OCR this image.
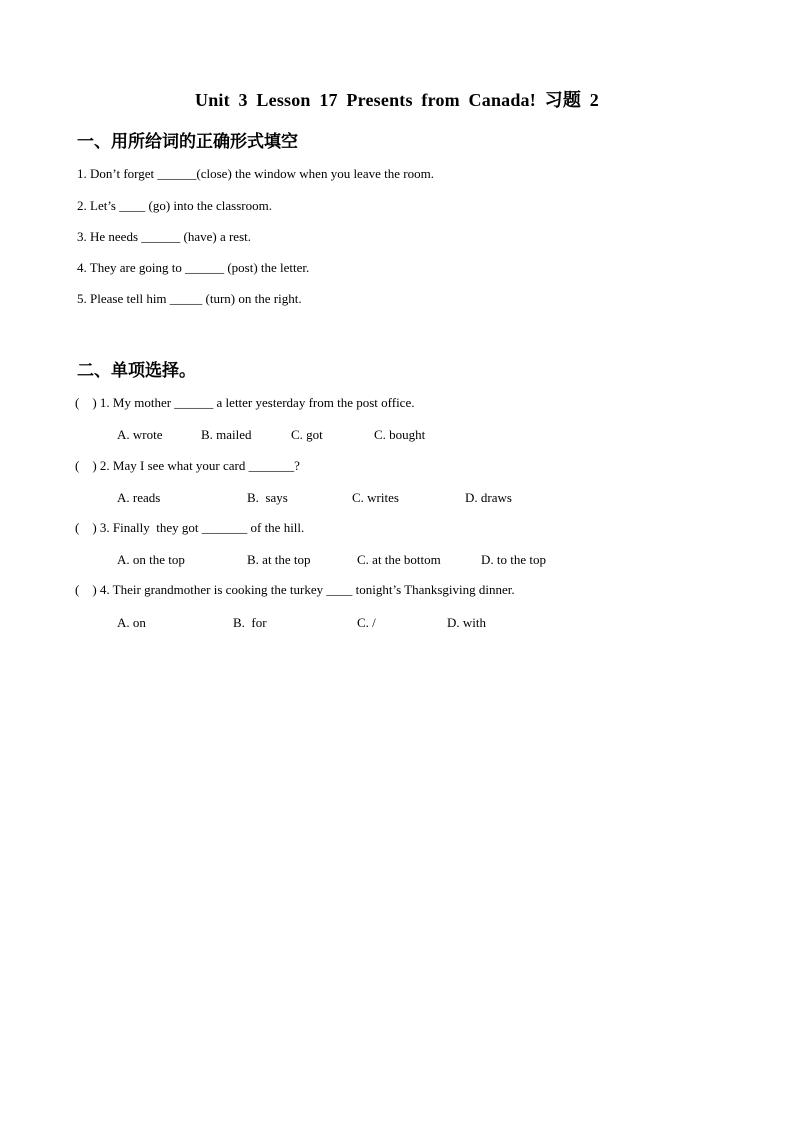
Unit 3 Lesson 17 Presents from Canada! 习题 2
一、用所给词的正确形式填空
1. Don’t forget ______(close) the window when you leave the room.
2. Let’s ____ (go) into the classroom.
3. He needs ______ (have) a rest.
4. They are going to ______ (post) the letter.
5. Please tell him _____ (turn) on the right.
二、单项选择。
(    ) 1. My mother ______ a letter yesterday from the post office.
A. wrote	B. mailed	C. got	C. bought
(    ) 2. May I see what your card _______?
A. reads	B.  says	C. writes	D. draws
(    ) 3. Finally  they got _______ of the hill.
A. on the top	B. at the top	C. at the bottom	D. to the top
(    ) 4. Their grandmother is cooking the turkey ____ tonight’s Thanksgiving dinner.
A. on	B.  for	C. /	D. with
